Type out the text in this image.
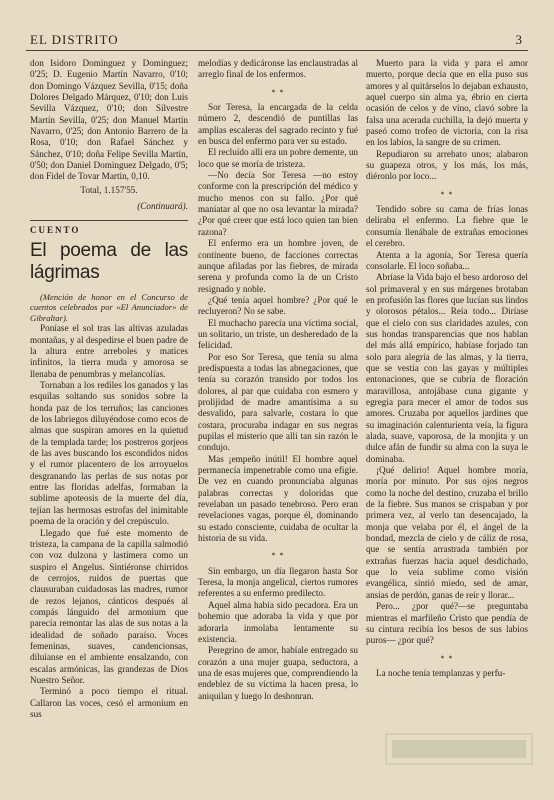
EL DISTRITO	3

don Isidoro Dominguez y Dominguez; 0'25; D. Eugenio Martín Navarro, 0'10; don Domingo Vázquez Sevilla, 0'15; doña Dolores Delgado Márquez, 0'10; don Luis Sevilla Vázquez, 0'10; don Silvestre Martín Sevilla, 0'25; don Manuel Martín Navarro, 0'25; don Antonio Barrero de la Rosa, 0'10; don Rafael Sánchez y Sánchez, 0'10; doña Felipe Sevilla Martín, 0'50; don Daniel Dominguez Delgado, 0'5; don Fidel de Tovar Martín, 0,10.

Total, 1.157'55.

(Continuará).

CUENTO

El poema de las lágrimas

(Mención de honor en el Concurso de cuentos celebrados por «El Anunciador» de Gibraltar).

Poníase el sol tras las altivas azuladas montañas, y al despedirse el buen padre de la altura entre arreboles y matices infinitos, la tierra muda y amorosa se llenaba de penumbras y melancolías.

Tornaban a los rediles los ganados y las esquilas soltando sus sonidos sobre la honda paz de los terruños; las canciones de los labriegos diluyéndose como ecos de almas que suspiran amores en la quietud de la templada tarde; los postreros gorjeos de las aves buscando los escondidos nidos y el rumor placentero de los arroyuelos desgranando las perlas de sus notas por entre las floridas adelfas, formaban la sublime apoteosis de la muerte del día, tejían las hermosas estrofas del inimitable poema de la oración y del crepúsculo.

Llegado que fué este momento de tristeza, la campana de la capilla salmodió con voz dulzona y lastimera como un suspiro el Angelus. Sintiéronse chirridos de cerrojos, ruidos de puertas que clausuraban cuidadosas las madres, rumor de rezos lejanos, cánticos después al compás lánguido del armonium que parecía remontar las alas de sus notas a la idealidad de soñado paraíso. Voces femeninas, suaves, candencionsas, diluíanse en el ambiente ensalzando, con escalas armónicas, las grandezas de Dios Nuestro Señor.

Terminó a poco tiempo el ritual. Callaron las voces, cesó el armonium en sus

melodías y dedicáronse las enclaustradas al arreglo final de los enfermos.

* *

Sor Teresa, la encargada de la celda número 2, descendió de puntillas las amplias escaleras del sagrado recinto y fué en busca del enfermo para ver su estado.

El recluído allí era un pobre demente, un loco que se moría de tristeza.

—No decía Sor Teresa —no estoy conforme con la prescripción del médico y mucho menos con su fallo. ¿Por qué maniatar al que no osa levantar la mirada? ¿Por qué creer que está loco quien tan bien razona?

El enfermo era un hombre joven, de continente bueno, de facciones correctas aunque afiladas por las fiebres, de mirada serena y profunda como la de un Cristo resignado y noble.

¿Qué tenía aquel hombre? ¿Por qué le recluyeron? No se sabe.

El muchacho parecía una víctima social, un solitario, un triste, un desheredado de la felicidad.

Por eso Sor Teresa, que tenía su alma predispuesta a todas las abnegaciones, que tenía su corazón transido por todos los dolores, al par que cuidaba con esmero y prolijidad de madre amantísima a su desvalido, para salvarle, costara lo que costara, procuraba indagar en sus negras pupilas el misterio que allí tan sin razón le condujo.

Mas ¡empeño inútil! El hombre aquel permanecía impenetrable como una efigie. De vez en cuando pronunciaba algunas palabras correctas y doloridas que revelaban un pasado tenebroso. Pero eran revelaciones vagas, porque él, dominando su estado consciente, cuidaba de ocultar la historia de su vida.

* *

Sin embargo, un día llegaron hasta Sor Teresa, la monja angelical, ciertos rumores referentes a su enfermo predilecto.

Aquel alma había sido pecadora. Era un bohemio que adoraba la vida y que por adorarla inmolaba lentamente su existencia.

Peregrino de amor, habíale entregado su corazón a una mujer guapa, seductora, a una de esas mujeres que, comprendiendo la endeblez de su víctima la hacen presa, lo aniquilan y luego lo deshonran.

Muerto para la vida y para el amor muerto, porque decía que en ella puso sus amores y al quitárselos lo dejaban exhausto, aquel cuerpo sin alma ya, ébrio en cierta ocasión de celos y de vino, clavó sobre la falsa una acerada cuchilla, la dejó muerta y paseó como trofeo de victoria, con la risa en los labios, la sangre de su crimen.

Repudiaron su arrebato unos; alabaron su guapeza otros, y los más, los más, diéronlo por loco...

* *

Tendido sobre su cama de frías lonas deliraba el enfermo. La fiebre que le consumía llenábale de extrañas emociones el cerebro.

Atenta a la agonía, Sor Teresa quería consolarle. El loco soñaba...

Abríase la Vida bajo el beso ardoroso del sol primaveral y en sus márgenes brotaban en profusión las flores que lucían sus lindos y olorosos pétalos... Reía todo... Diríase que el cielo con sus claridades azules, con sus hondas transparencias que nos hablan del más allá empírico, habíase forjado tan solo para alegría de las almas, y la tierra, que se vestía con las gayas y múltiples entonaciones, que se cubría de floración maravillosa, antojábase cuna gigante y egregia para mecer el amor de todos sus amores. Cruzaba por aquellos jardines que su imaginación calenturienta veía, la figura alada, suave, vaporosa, de la monjita y un dulce afán de fundir su alma con la suya le dominaba.

¡Qué delirio! Aquel hombre moría, moría por minuto. Por sus ojos negros como la noche del destino, cruzaba el brillo de la fiebre. Sus manos se crispaban y por primera vez, al verlo tan desencajado, la monja que velaba por él, el ángel de la bondad, mezcla de cielo y de cáliz de rosa, que se sentía arrastrada también por extrañas fuerzas hacia aquel desdichado, que lo veía sublime como visión evangélica, sintió miedo, sed de amar, ansias de perdón, ganas de reír y llorar...

Pero... ¿por qué?—se preguntaba mientras el marfileño Cristo que pendía de su cintura recibía los besos de sus labios puros— ¿por qué?

* *

La noche tenía templanzas y perfu-
